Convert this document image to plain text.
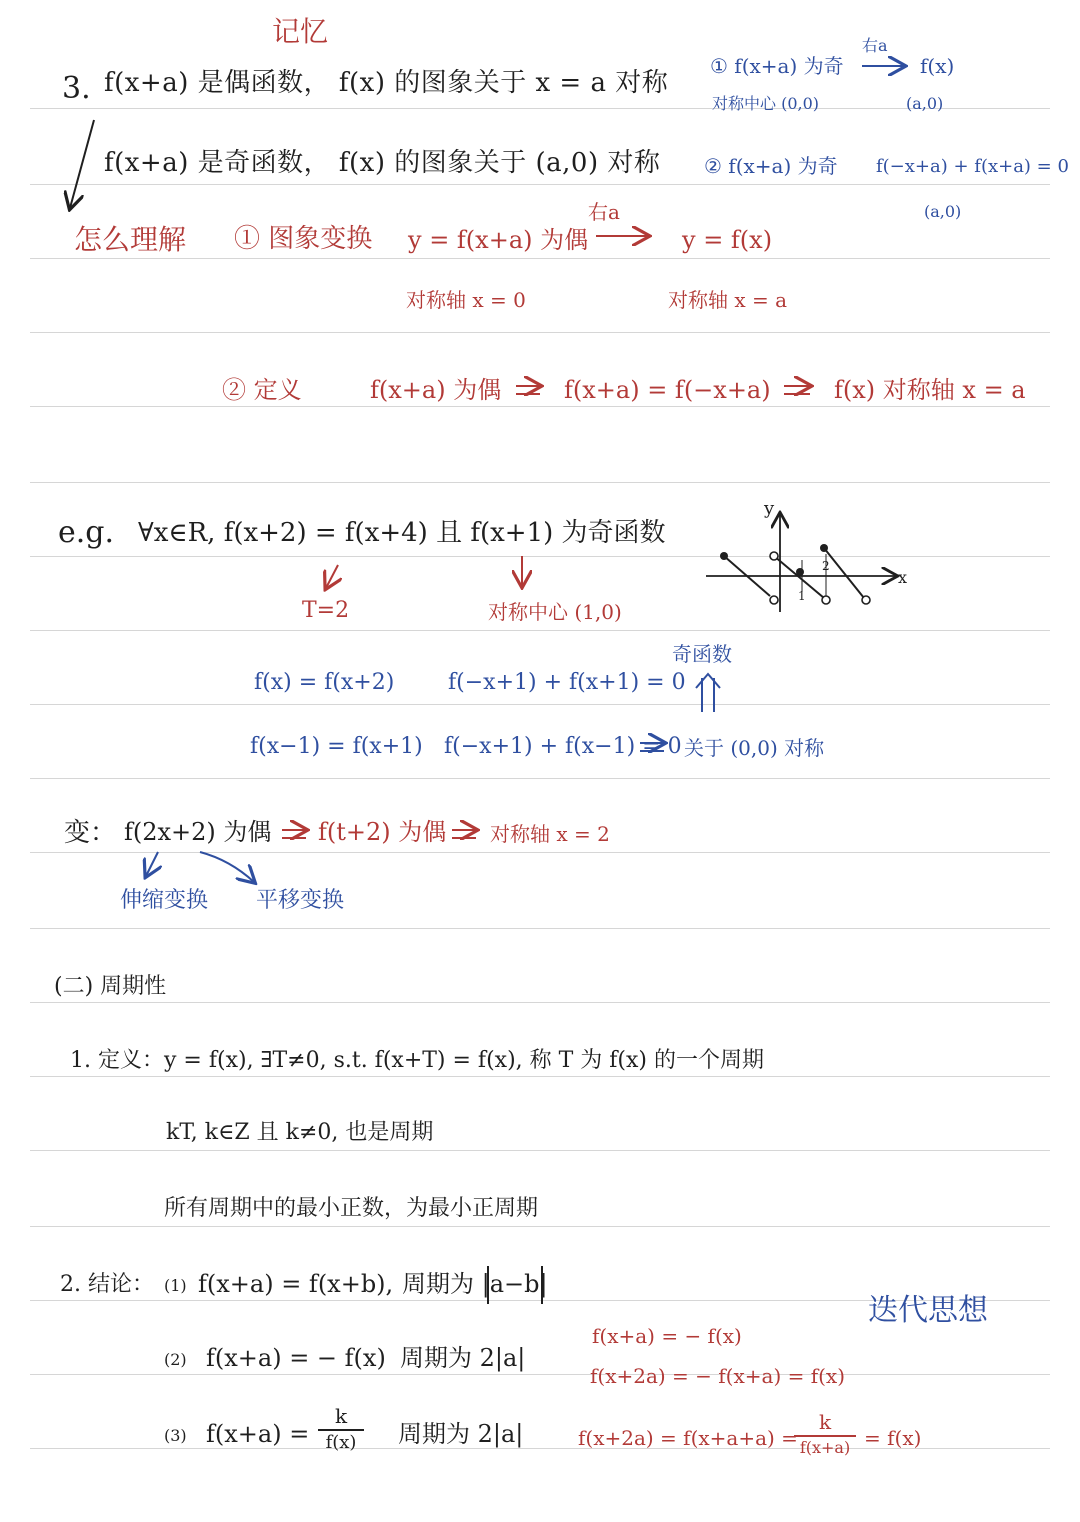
记忆
3. f(x+a) 是偶函数， f(x) 的图象关于 x = a 对称
f(x+a) 是奇函数， f(x) 的图象关于 (a,0) 对称
① f(x+a) 为奇
右a
f(x)
对称中心 (0,0)	(a,0)
② f(x+a) 为奇 f(−x+a) + f(x+a) = 0
(a,0)
怎么理解 ① 图象变换 y = f(x+a) 为偶
右a
y = f(x)
对称轴 x = 0	对称轴 x = a
② 定义	f(x+a) 为偶	f(x+a) = f(−x+a)	f(x) 对称轴 x = a
e.g. ∀x∈R, f(x+2) = f(x+4) 且 f(x+1) 为奇函数
T=2	对称中心 (1,0)
奇函数
f(x) = f(x+2) f(−x+1) + f(x+1) = 0
f(x−1) = f(x+1) f(−x+1) + f(x−1) = 0 关于 (0,0) 对称
y
x
1
2
变： f(2x+2) 为偶 f(t+2) 为偶 对称轴 x = 2
伸缩变换 平移变换
(二) 周期性
1. 定义： y = f(x), ∃T≠0, s.t. f(x+T) = f(x), 称 T 为 f(x) 的一个周期
kT, k∈Z 且 k≠0, 也是周期
所有周期中的最小正数，为最小正周期
2. 结论： (1) f(x+a) = f(x+b), 周期为 |a−b|
(2) f(x+a) = − f(x) 周期为 2|a|
(3) f(x+a) =
k
f(x) 周期为 2|a|
迭代思想
f(x+a) = − f(x)
f(x+2a) = − f(x+a) = f(x)
f(x+2a) = f(x+a+a) =
k
f(x+a) = f(x)
